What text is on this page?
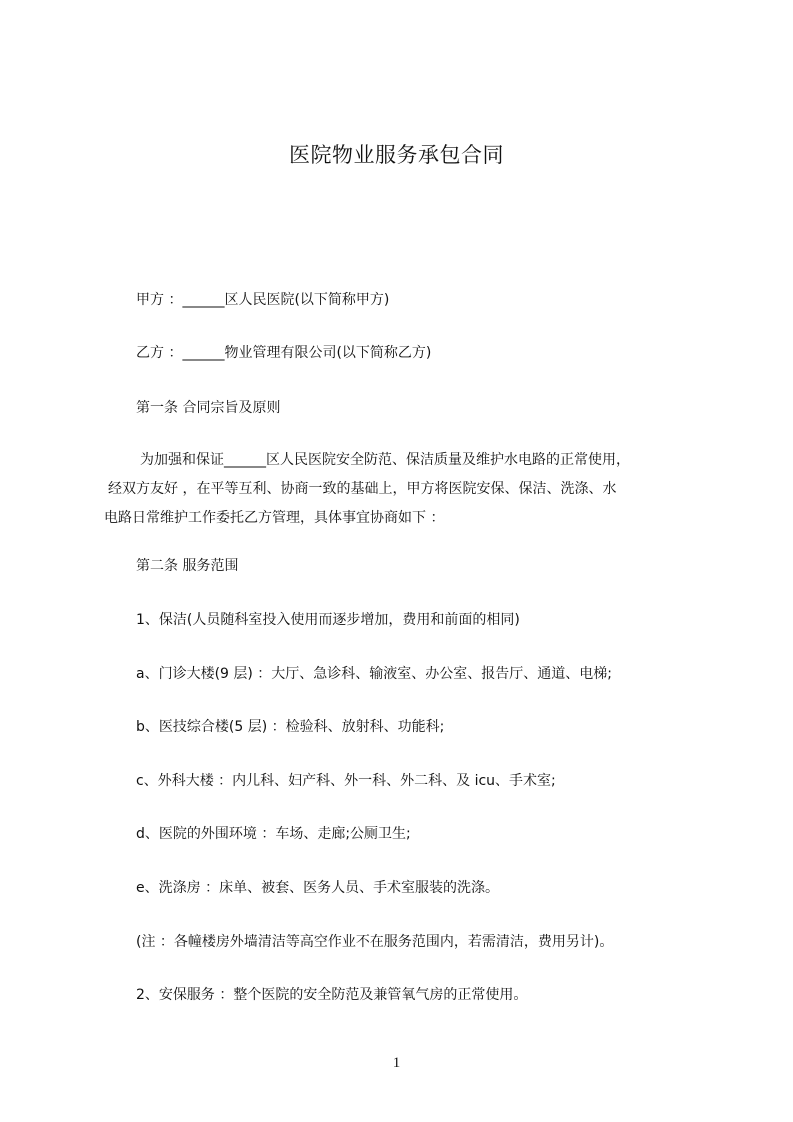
医院物业服务承包合同
甲方 ：______区人民医院(以下简称甲方)
乙方 ：______物业管理有限公司(以下简称乙方)
第一条 合同宗旨及原则
为加强和保证______区人民医院安全防范、保洁质量及维护水电路的正常使用，
经双方友好 ，在平等互利、协商一致的基础上，甲方将医院安保、保洁、洗涤、水
电路日常维护工作委托乙方管理，具体事宜协商如下 ：
第二条 服务范围
1、保洁(人员随科室投入使用而逐步增加，费用和前面的相同)
a、门诊大楼(9 层) ：大厅、急诊科、输液室、办公室、报告厅、通道、电梯;
b、医技综合楼(5 层) ：检验科、放射科、功能科;
c、外科大楼 ：内儿科、妇产科、外一科、外二科、及 icu、手术室;
d、医院的外围环境 ：车场、走廊;公厕卫生;
e、洗涤房 ：床单、被套、医务人员、手术室服装的洗涤。
(注 ：各幢楼房外墙清洁等高空作业不在服务范围内，若需清洁，费用另计)。
2、安保服务 ：整个医院的安全防范及兼管氧气房的正常使用。
1
